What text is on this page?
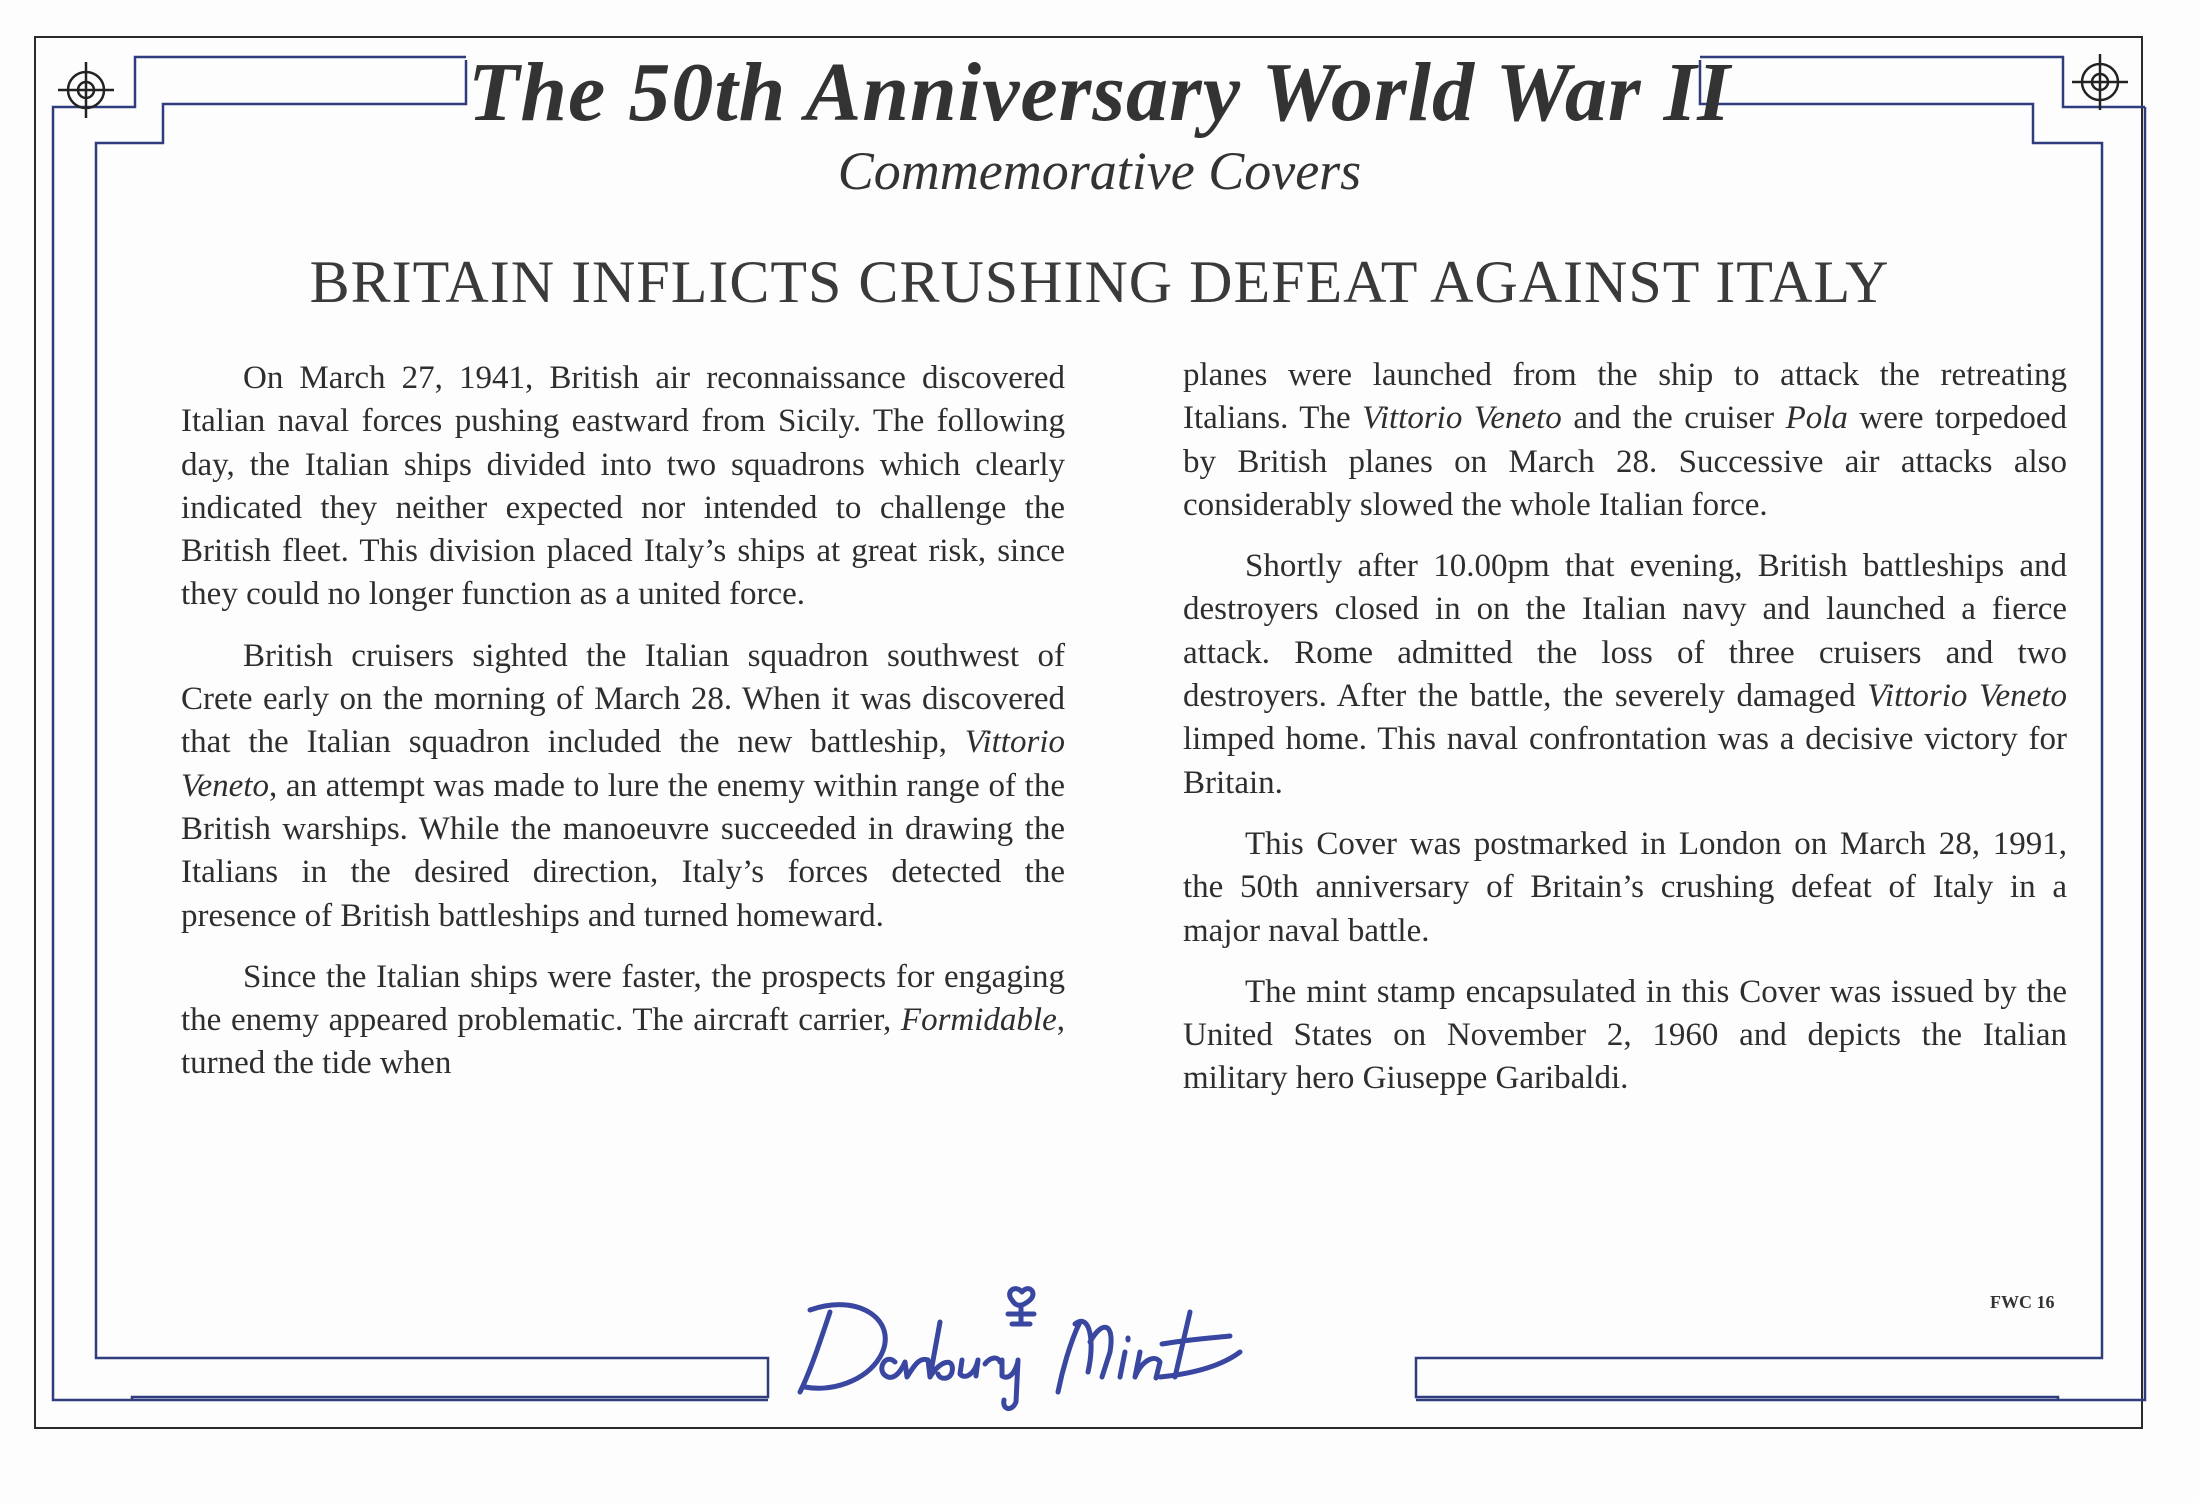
The 50th Anniversary World War II
Commemorative Covers
BRITAIN INFLICTS CRUSHING DEFEAT AGAINST ITALY

On March 27, 1941, British air reconnaissance discovered Italian naval forces pushing eastward from Sicily. The following day, the Italian ships divided into two squadrons which clearly indicated they neither expected nor intended to challenge the British fleet. This division placed Italy’s ships at great risk, since they could no longer function as a united force.

British cruisers sighted the Italian squadron southwest of Crete early on the morning of March 28. When it was discovered that the Italian squadron included the new battleship, Vittorio Veneto, an attempt was made to lure the enemy within range of the British warships. While the manoeuvre succeeded in drawing the Italians in the desired direction, Italy’s forces detected the presence of British battleships and turned homeward.

Since the Italian ships were faster, the prospects for engaging the enemy appeared problematic. The aircraft carrier, Formidable, turned the tide when

planes were launched from the ship to attack the retreating Italians. The Vittorio Veneto and the cruiser Pola were torpedoed by British planes on March 28. Successive air attacks also considerably slowed the whole Italian force.

Shortly after 10.00pm that evening, British battleships and destroyers closed in on the Italian navy and launched a fierce attack. Rome admitted the loss of three cruisers and two destroyers. After the battle, the severely damaged Vittorio Veneto limped home. This naval confrontation was a decisive victory for Britain.

This Cover was postmarked in London on March 28, 1991, the 50th anniversary of Britain’s crushing defeat of Italy in a major naval battle.

The mint stamp encapsulated in this Cover was issued by the United States on November 2, 1960 and depicts the Italian military hero Giuseppe Garibaldi.

FWC 16
